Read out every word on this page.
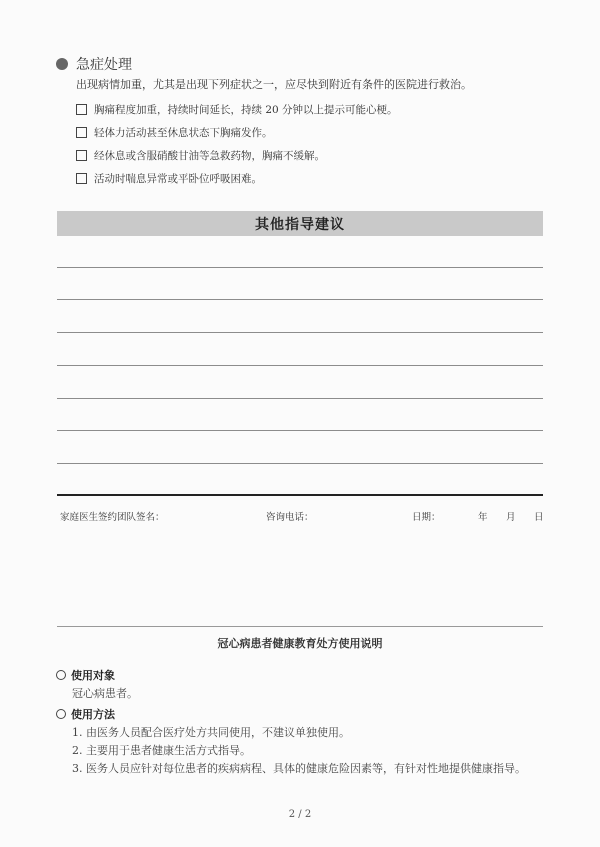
急症处理
出现病情加重，尤其是出现下列症状之一，应尽快到附近有条件的医院进行救治。
胸痛程度加重，持续时间延长，持续 20 分钟以上提示可能心梗。
轻体力活动甚至休息状态下胸痛发作。
经休息或含服硝酸甘油等急救药物，胸痛不缓解。
活动时喘息异常或平卧位呼吸困难。
其他指导建议
家庭医生签约团队签名：	咨询电话：	日期：	年 月 日
冠心病患者健康教育处方使用说明
使用对象
冠心病患者。
使用方法
1. 由医务人员配合医疗处方共同使用，不建议单独使用。
2. 主要用于患者健康生活方式指导。
3. 医务人员应针对每位患者的疾病病程、具体的健康危险因素等，有针对性地提供健康指导。
2 / 2
